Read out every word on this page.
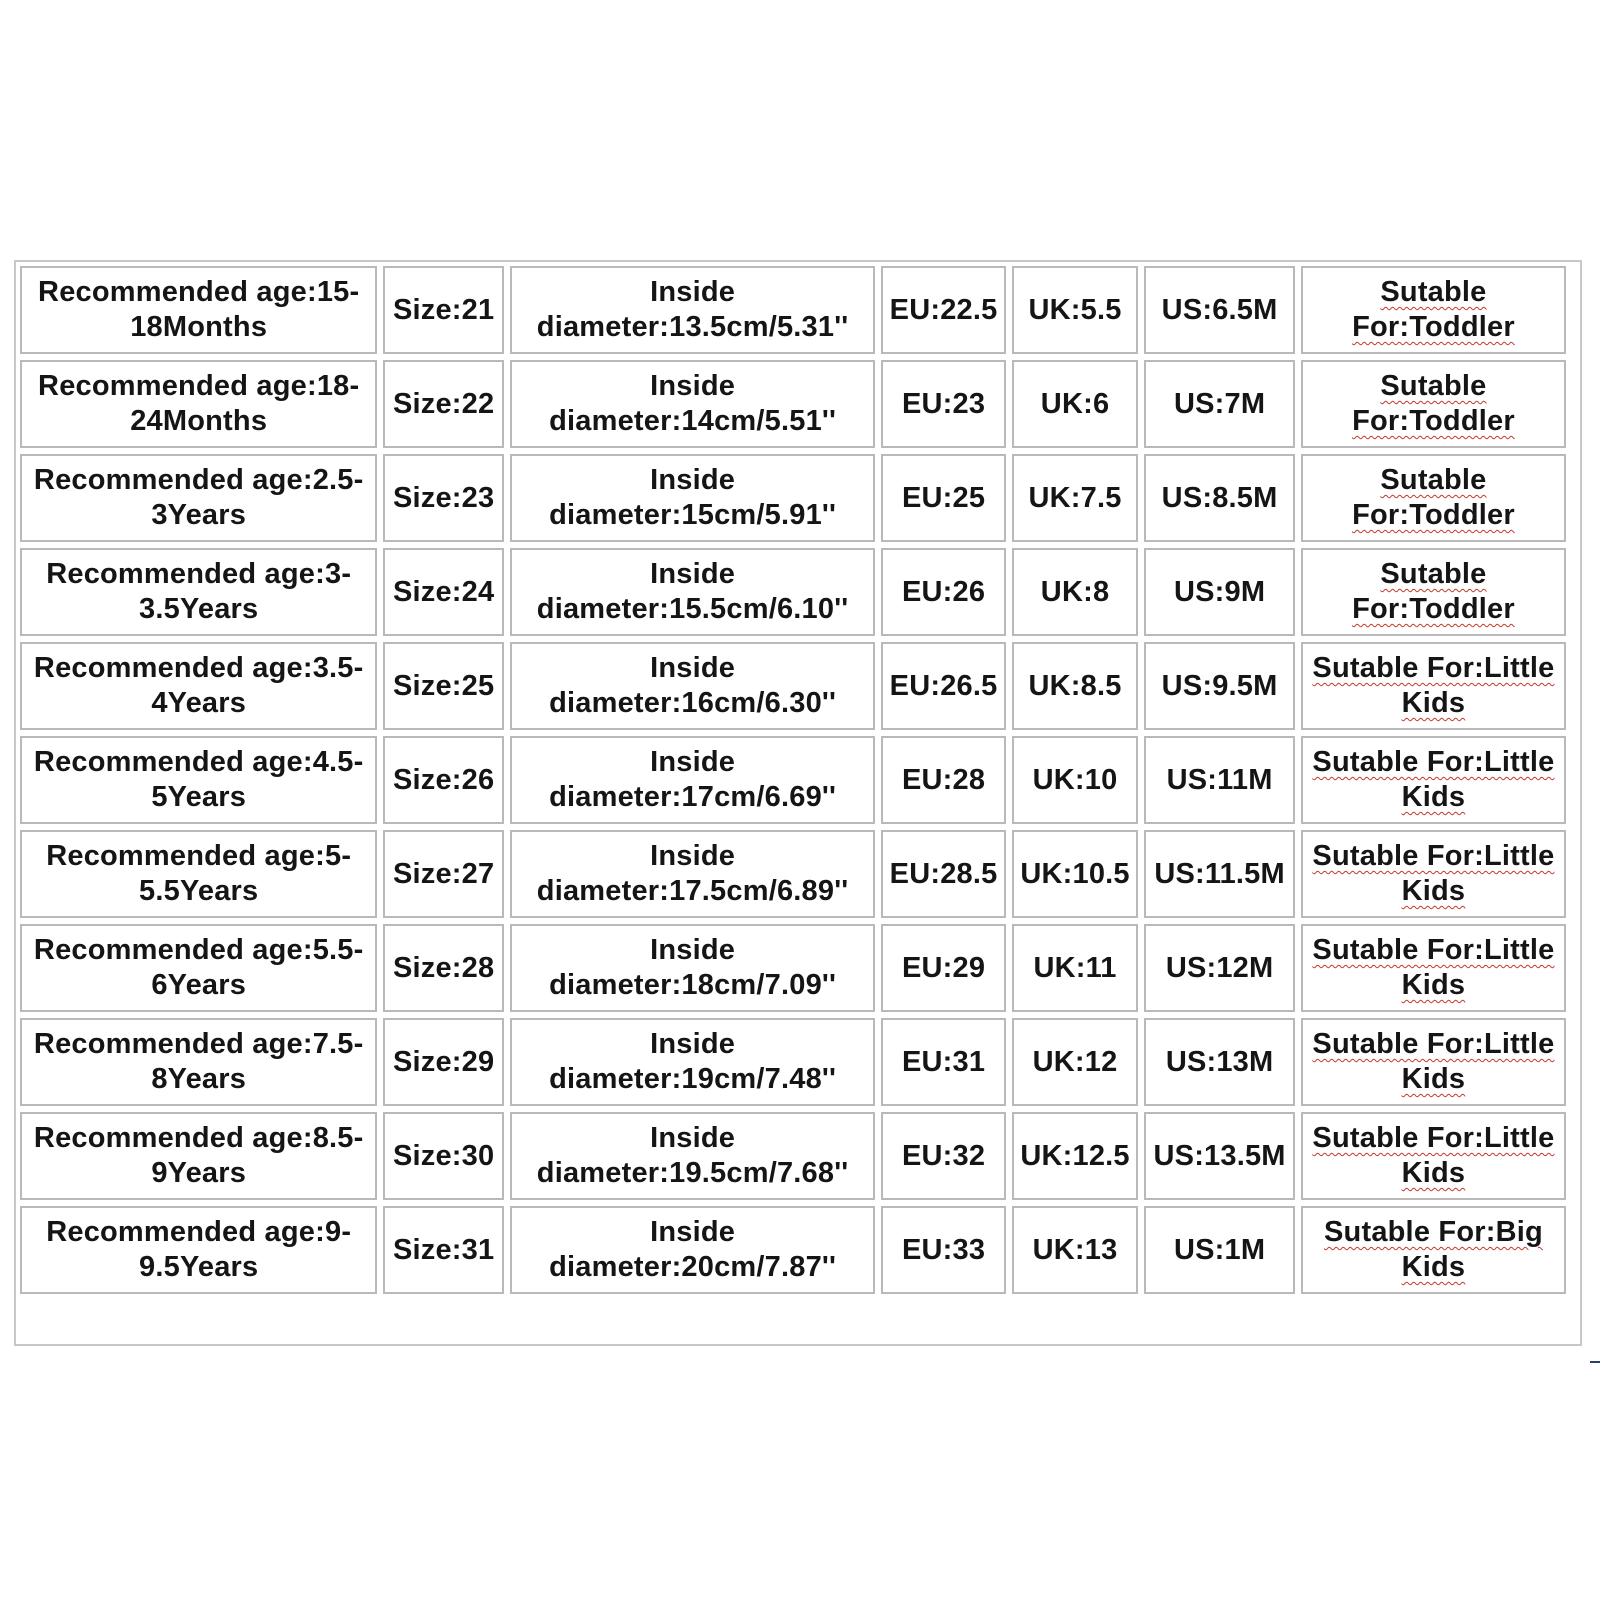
Recommended age:15-18Months	Size:21	Inside diameter:13.5cm/5.31''	EU:22.5	UK:5.5	US:6.5M	Sutable For:Toddler
Recommended age:18-24Months	Size:22	Inside diameter:14cm/5.51''	EU:23	UK:6	US:7M	Sutable For:Toddler
Recommended age:2.5-3Years	Size:23	Inside diameter:15cm/5.91''	EU:25	UK:7.5	US:8.5M	Sutable For:Toddler
Recommended age:3-3.5Years	Size:24	Inside diameter:15.5cm/6.10''	EU:26	UK:8	US:9M	Sutable For:Toddler
Recommended age:3.5-4Years	Size:25	Inside diameter:16cm/6.30''	EU:26.5	UK:8.5	US:9.5M	Sutable For:Little Kids
Recommended age:4.5-5Years	Size:26	Inside diameter:17cm/6.69''	EU:28	UK:10	US:11M	Sutable For:Little Kids
Recommended age:5-5.5Years	Size:27	Inside diameter:17.5cm/6.89''	EU:28.5	UK:10.5	US:11.5M	Sutable For:Little Kids
Recommended age:5.5-6Years	Size:28	Inside diameter:18cm/7.09''	EU:29	UK:11	US:12M	Sutable For:Little Kids
Recommended age:7.5-8Years	Size:29	Inside diameter:19cm/7.48''	EU:31	UK:12	US:13M	Sutable For:Little Kids
Recommended age:8.5-9Years	Size:30	Inside diameter:19.5cm/7.68''	EU:32	UK:12.5	US:13.5M	Sutable For:Little Kids
Recommended age:9-9.5Years	Size:31	Inside diameter:20cm/7.87''	EU:33	UK:13	US:1M	Sutable For:Big Kids
